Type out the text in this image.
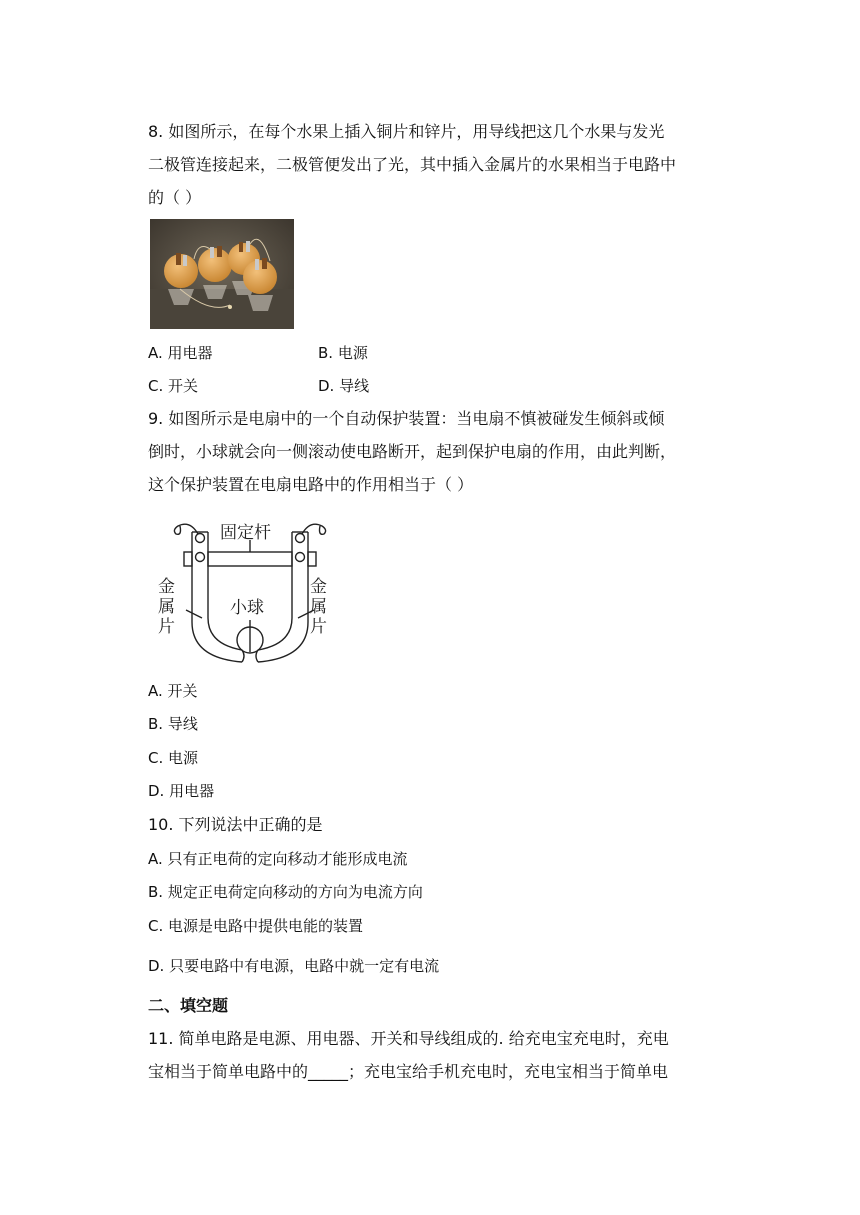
8. 如图所示，在每个水果上插入铜片和锌片，用导线把这几个水果与发光
二极管连接起来，二极管便发出了光，其中插入金属片的水果相当于电路中
的（ ）
A. 用电器	B. 电源
C. 开关	D. 导线
9. 如图所示是电扇中的一个自动保护装置：当电扇不慎被碰发生倾斜或倾
倒时，小球就会向一侧滚动使电路断开，起到保护电扇的作用，由此判断，
这个保护装置在电扇电路中的作用相当于（ ）
固定杆
小球
金
属
片
金
属
片
A. 开关
B. 导线
C. 电源
D. 用电器
10. 下列说法中正确的是
A. 只有正电荷的定向移动才能形成电流
B. 规定正电荷定向移动的方向为电流方向
C. 电源是电路中提供电能的装置
D. 只要电路中有电源，电路中就一定有电流
二、填空题
11. 简单电路是电源、用电器、开关和导线组成的. 给充电宝充电时，充电
宝相当于简单电路中的_____；充电宝给手机充电时，充电宝相当于简单电
